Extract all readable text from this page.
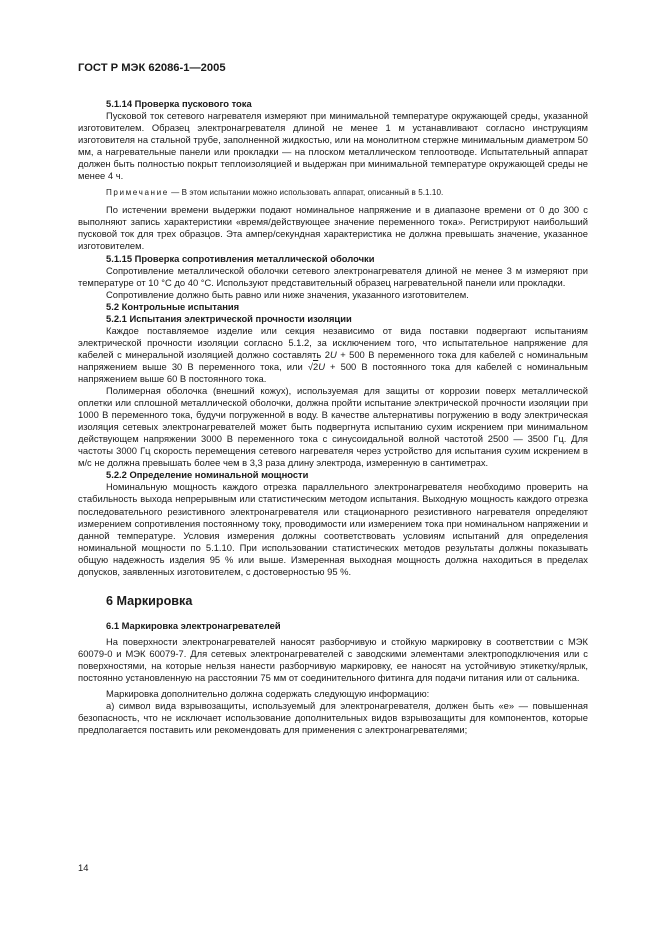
ГОСТ Р МЭК 62086-1—2005
5.1.14 Проверка пускового тока

Пусковой ток сетевого нагревателя измеряют при минимальной температуре окружающей среды, указанной изготовителем. Образец электронагревателя длиной не менее 1 м устанавливают согласно инструкциям изготовителя на стальной трубе, заполненной жидкостью, или на монолитном стержне минимальным диаметром 50 мм, а нагревательные панели или прокладки — на плоском металлическом теплоотводе. Испытательный аппарат должен быть полностью покрыт теплоизоляцией и выдержан при минимальной температуре окружающей среды не менее 4 ч.

Примечание — В этом испытании можно использовать аппарат, описанный в 5.1.10.

По истечении времени выдержки подают номинальное напряжение и в диапазоне времени от 0 до 300 с выполняют запись характеристики «время/действующее значение переменного тока». Регистрируют наибольший пусковой ток для трех образцов. Эта ампер/секундная характеристика не должна превышать значение, указанное изготовителем.

5.1.15 Проверка сопротивления металлической оболочки

Сопротивление металлической оболочки сетевого электронагревателя длиной не менее 3 м измеряют при температуре от 10 °С до 40 °С. Используют представительный образец нагревательной панели или прокладки.

Сопротивление должно быть равно или ниже значения, указанного изготовителем.

5.2 Контрольные испытания
5.2.1 Испытания электрической прочности изоляции

Каждое поставляемое изделие или секция независимо от вида поставки подвергают испытаниям электрической прочности изоляции согласно 5.1.2, за исключением того, что испытательное напряжение для кабелей с минеральной изоляцией должно составлять 2U + 500 В переменного тока для кабелей с номинальным напряжением выше 30 В переменного тока, или √2U + 500 В постоянного тока для кабелей с номинальным напряжением выше 60 В постоянного тока.

Полимерная оболочка (внешний кожух), используемая для защиты от коррозии поверх металлической оплетки или сплошной металлической оболочки, должна пройти испытание электрической прочности изоляции при 1000 В переменного тока, будучи погруженной в воду. В качестве альтернативы погружению в воду электрическая изоляция сетевых электронагревателей может быть подвергнута испытанию сухим искрением при минимальном действующем напряжении 3000 В переменного тока с синусоидальной волной частотой 2500 — 3500 Гц. Для частоты 3000 Гц скорость перемещения сетевого нагревателя через устройство для испытания сухим искрением в м/с не должна превышать более чем в 3,3 раза длину электрода, измеренную в сантиметрах.

5.2.2 Определение номинальной мощности

Номинальную мощность каждого отрезка параллельного электронагревателя необходимо проверить на стабильность выхода непрерывным или статистическим методом испытания. Выходную мощность каждого отрезка последовательного резистивного электронагревателя или стационарного резистивного нагревателя определяют измерением сопротивления постоянному току, проводимости или измерением тока при номинальном напряжении и данной температуре. Условия измерения должны соответствовать условиям испытаний для определения номинальной мощности по 5.1.10. При использовании статистических методов результаты должны показывать общую надежность изделия 95 % или выше. Измеренная выходная мощность должна находиться в пределах допусков, заявленных изготовителем, с достоверностью 95 %.

6 Маркировка
6.1 Маркировка электронагревателей

На поверхности электронагревателей наносят разборчивую и стойкую маркировку в соответствии с МЭК 60079-0 и МЭК 60079-7. Для сетевых электронагревателей с заводскими элементами электроподключения или с поверхностями, на которые нельзя нанести разборчивую маркировку, ее наносят на устойчивую этикетку/ярлык, постоянно установленную на расстоянии 75 мм от соединительного фитинга для подачи питания или от сальника.

Маркировка дополнительно должна содержать следующую информацию:

а) символ вида взрывозащиты, используемый для электронагревателя, должен быть «е» — повышенная безопасность, что не исключает использование дополнительных видов взрывозащиты для компонентов, которые предполагается поставить или рекомендовать для применения с электронагревателями;

14
